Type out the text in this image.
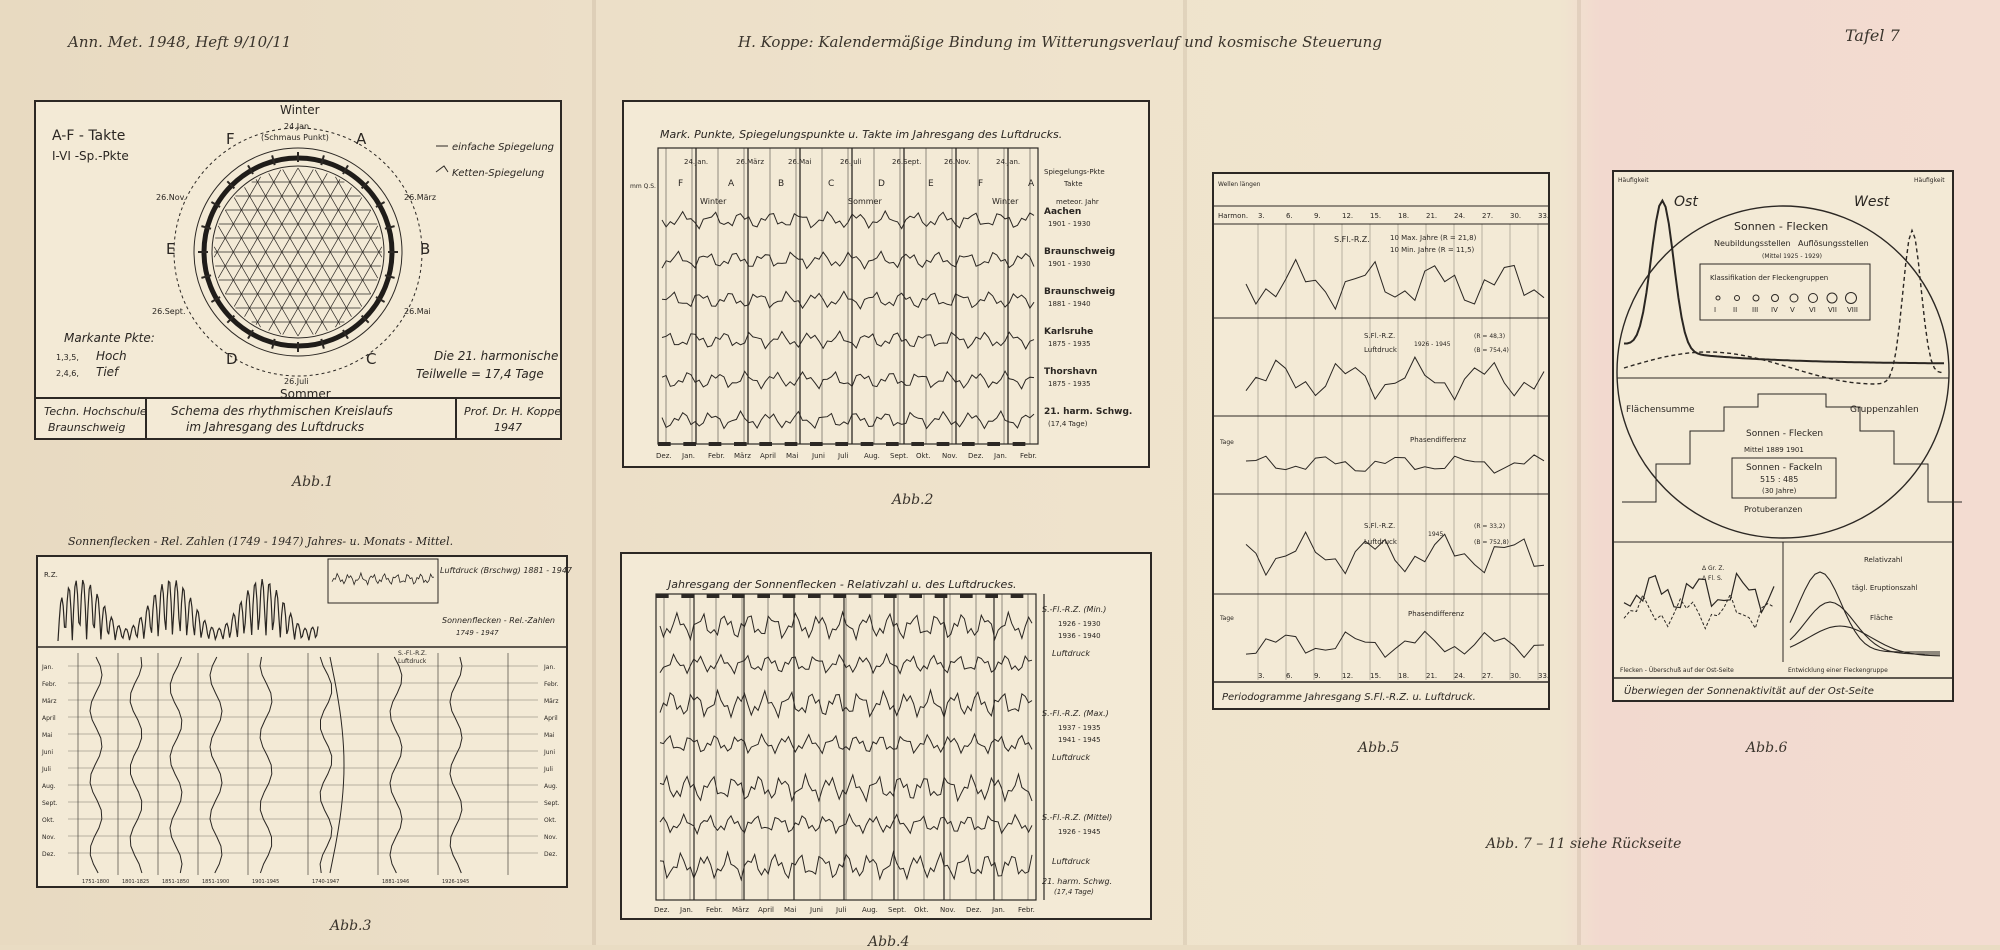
Ann. Met. 1948, Heft 9/10/11	H. Koppe: Kalendermäßige Bindung im Witterungsverlauf und kosmische Steuerung	Tafel 7
Techn. Hochschule
Braunschweig
Schema des rhythmischen Kreislaufs
im Jahresgang des Luftdrucks
Prof. Dr. H. Koppe
1947
A-F - Takte
I-VI -Sp.-Pkte
Markante Pkte:
1,3,5, Hoch
2,4,6, Tief
einfache Spiegelung
Ketten-Spiegelung
Die 21. harmonische
Teilwelle = 17,4 Tage
Winter
(Schmaus Punkt)
24.Jan.
Sommer
26.Juli
26.März
26.Mai
26.Nov.
26.Sept.
A
B
C
D
E
F
Abb.1
Mark. Punkte, Spiegelungspunkte u. Takte im Jahresgang des Luftdrucks.
24.Jan.	26.März	26.Mai	26.Juli	26.Sept.	26.Nov.	24.Jan.
F	A	B	C	D	E	F	A
Dez. Jan. Febr. März April Mai Juni Juli Aug. Sept. Okt. Nov. Dez. Jan. Febr.
mm Q.S.
Spiegelungs-Pkte
Takte
meteor. Jahr
Winter	Sommer	Winter
Aachen
1901 - 1930
Braunschweig
1901 - 1930
Braunschweig
1881 - 1940
Karlsruhe
1875 - 1935
Thorshavn
1875 - 1935
21. harm. Schwg.
(17,4 Tage)
Abb.2
Sonnenflecken - Rel. Zahlen (1749 - 1947) Jahres- u. Monats - Mittel.
R.Z.	Luftdruck (Brschwg) 1881 - 1947
Sonnenflecken - Rel.-Zahlen
1749 - 1947
S.-Fl.-R.Z.
Luftdruck
Jan.	Jan.
Febr.	Febr.
März	März
April	April
Mai	Mai
Juni	Juni
Juli	Juli
Aug.	Aug.
Sept.	Sept.
Okt.	Okt.
Nov.	Nov.
Dez.	Dez.
1751-1800	1801-1825	1851-1850	1851-1900	1901-1945	1740-1947	1881-1946	1926-1945
Abb.3
Jahresgang der Sonnenflecken - Relativzahl u. des Luftdruckes.
S.-Fl.-R.Z. (Min.)
1926 - 1930
1936 - 1940
Luftdruck
S.-Fl.-R.Z. (Max.)
1937 - 1935
1941 - 1945
Luftdruck
S.-Fl.-R.Z. (Mittel)
1926 - 1945
Luftdruck
Dez. Jan. Febr. März April Mai Juni Juli Aug. Sept. Okt. Nov. Dez. Jan. Febr.
21. harm. Schwg.
(17,4 Tage)
Abb.4
Wellen längen
Harmon. 3.	6.	9.	12. 15. 18. 21. 24. 27. 30. 33.
3.	6.	9.	12. 15. 18. 21. 24. 27. 30. 33.
S.Fl.-R.Z.	10 Max. Jahre (R = 21,8)
10 Min. Jahre (R = 11,5)
S.Fl.-R.Z.
Luftdruck
1926 - 1945
(R = 48,3)
(B = 754,4)
Phasendifferenz
S.Fl.-R.Z.
Luftdruck
1945
(R = 33,2)
(B = 752,8)
Phasendifferenz
Tage
Tage
Periodogramme Jahresgang S.Fl.-R.Z. u. Luftdruck.
Abb.5
Häufigkeit	Häufigkeit
Ost	West
Sonnen - Flecken
Neubildungsstellen Auflösungsstellen
(Mittel 1925 - 1929)
Klassifikation der Fleckengruppen
I II III IV V VI VII VIII
Flächensumme	Gruppenzahlen
Sonnen - Flecken
Mittel 1889 1901
Sonnen - Fackeln
515 : 485
(30 Jahre)
Protuberanzen
Δ Gr. Z.
Δ Fl. S.
Relativzahl
tägl. Eruptionszahl
Fläche
Flecken - Überschuß auf der Ost-Seite	Entwicklung einer Fleckengruppe
Überwiegen der Sonnenaktivität auf der Ost-Seite
Abb.6
Abb. 7 – 11 siehe Rückseite
